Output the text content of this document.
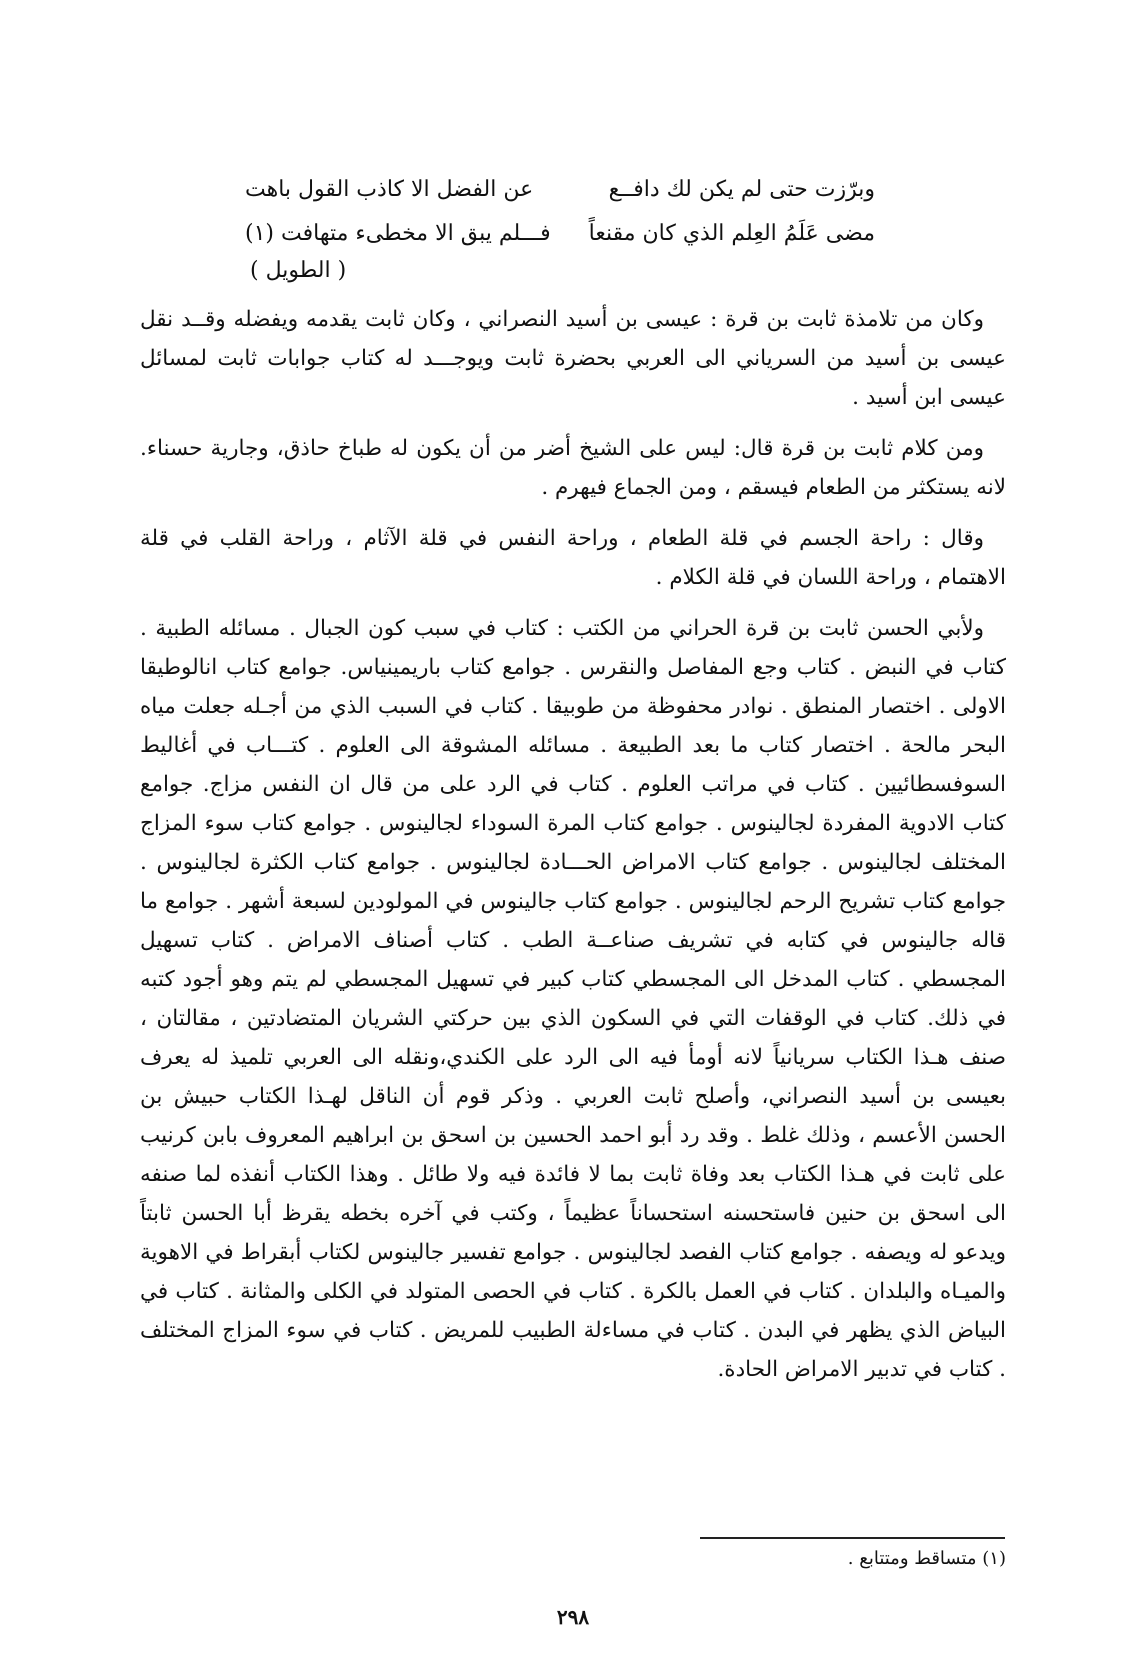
وبرّزت حتى لم يكن لك دافــع
عن الفضل الا كاذب القول باهت
مضى عَلَمُ العِلم الذي كان مقنعاً
فـــلم يبق الا مخطىء متهافت (١)
( الطويل )

وكان من تلامذة ثابت بن قرة : عيسى بن أسيد النصراني ، وكان ثابت يقدمه ويفضله وقــد نقل عيسى بن أسيد من السرياني الى العربي بحضرة ثابت ويوجـــد له كتاب جوابات ثابت لمسائل عيسى ابن أسيد .

ومن كلام ثابت بن قرة قال: ليس على الشيخ أضر من أن يكون له طباخ حاذق، وجارية حسناء. لانه يستكثر من الطعام فيسقم ، ومن الجماع فيهرم .

وقال : راحة الجسم في قلة الطعام ، وراحة النفس في قلة الآثام ، وراحة القلب في قلة الاهتمام ، وراحة اللسان في قلة الكلام .

ولأبي الحسن ثابت بن قرة الحراني من الكتب : كتاب في سبب كون الجبال . مسائله الطبية . كتاب في النبض . كتاب وجع المفاصل والنقرس . جوامع كتاب باريمينياس. جوامع كتاب انالوطيقا الاولى . اختصار المنطق . نوادر محفوظة من طوبيقا . كتاب في السبب الذي من أجـله جعلت مياه البحر مالحة . اختصار كتاب ما بعد الطبيعة . مسائله المشوقة الى العلوم . كتـــاب في أغاليط السوفسطائيين . كتاب في مراتب العلوم . كتاب في الرد على من قال ان النفس مزاج. جوامع كتاب الادوية المفردة لجالينوس . جوامع كتاب المرة السوداء لجالينوس . جوامع كتاب سوء المزاج المختلف لجالينوس . جوامع كتاب الامراض الحـــادة لجالينوس . جوامع كتاب الكثرة لجالينوس . جوامع كتاب تشريح الرحم لجالينوس . جوامع كتاب جالينوس في المولودين لسبعة أشهر . جوامع ما قاله جالينوس في كتابه في تشريف صناعــة الطب . كتاب أصناف الامراض . كتاب تسهيل المجسطي . كتاب المدخل الى المجسطي كتاب كبير في تسهيل المجسطي لم يتم وهو أجود كتبه في ذلك. كتاب في الوقفات التي في السكون الذي بين حركتي الشريان المتضادتين ، مقالتان ، صنف هـذا الكتاب سريانياً لانه أومأ فيه الى الرد على الكندي،ونقله الى العربي تلميذ له يعرف بعيسى بن أسيد النصراني، وأصلح ثابت العربي . وذكر قوم أن الناقل لهـذا الكتاب حبيش بن الحسن الأعسم ، وذلك غلط . وقد رد أبو احمد الحسين بن اسحق بن ابراهيم المعروف بابن كرنيب على ثابت في هـذا الكتاب بعد وفاة ثابت بما لا فائدة فيه ولا طائل . وهذا الكتاب أنفذه لما صنفه الى اسحق بن حنين فاستحسنه استحساناً عظيماً ، وكتب في آخره بخطه يقرظ أبا الحسن ثابتاً ويدعو له ويصفه . جوامع كتاب الفصد لجالينوس . جوامع تفسير جالينوس لكتاب أبقراط في الاهوية والميـاه والبلدان . كتاب في العمل بالكرة . كتاب في الحصى المتولد في الكلى والمثانة . كتاب في البياض الذي يظهر في البدن . كتاب في مساءلة الطبيب للمريض . كتاب في سوء المزاج المختلف . كتاب في تدبير الامراض الحادة.

(١) متساقط ومتتابع .
٢٩٨
